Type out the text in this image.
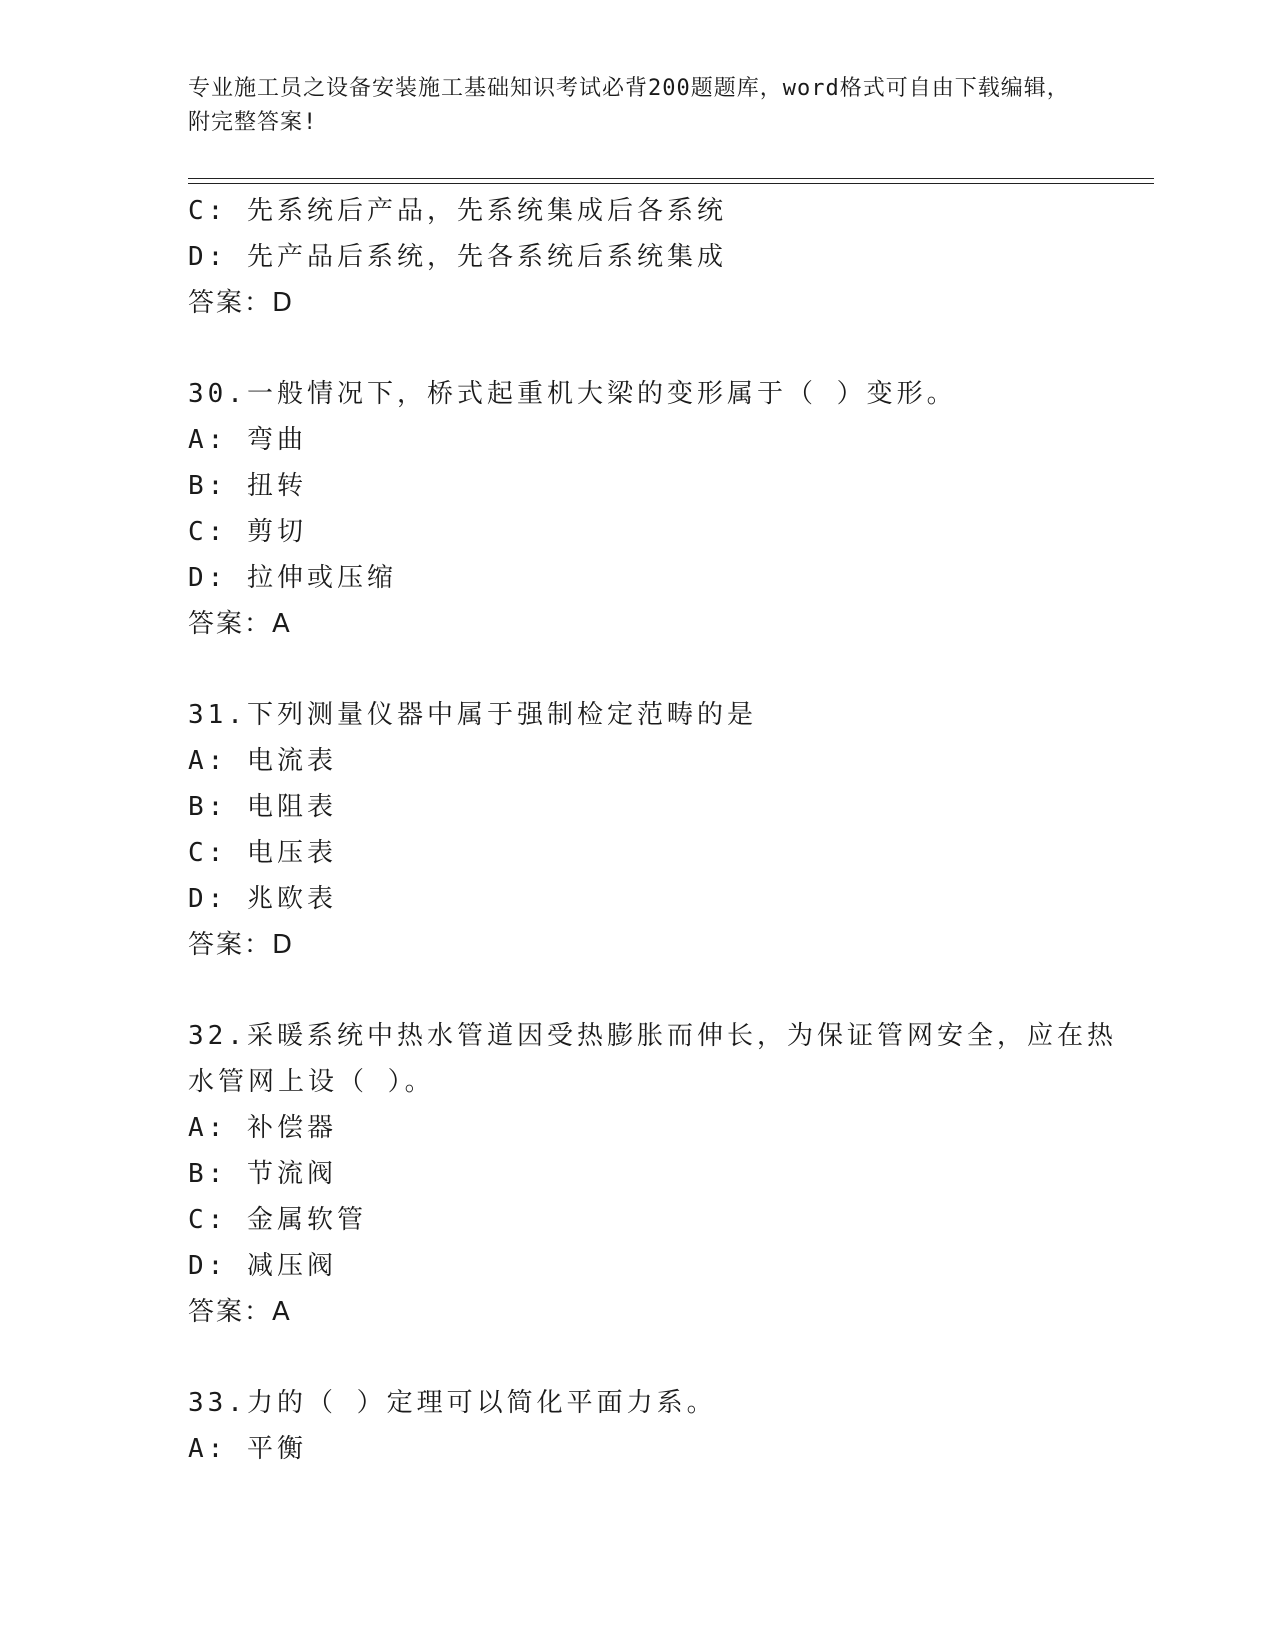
专业施工员之设备安装施工基础知识考试必背200题题库，word格式可自由下载编辑，附完整答案!
C: 先系统后产品，先系统集成后各系统
D: 先产品后系统，先各系统后系统集成
答案：D
30.一般情况下，桥式起重机大梁的变形属于（ ）变形。
A: 弯曲
B: 扭转
C: 剪切
D: 拉伸或压缩
答案：A
31.下列测量仪器中属于强制检定范畴的是
A: 电流表
B: 电阻表
C: 电压表
D: 兆欧表
答案：D
32.采暖系统中热水管道因受热膨胀而伸长，为保证管网安全，应在热
水管网上设（ ）。
A: 补偿器
B: 节流阀
C: 金属软管
D: 减压阀
答案：A
33.力的（ ）定理可以简化平面力系。
A: 平衡
